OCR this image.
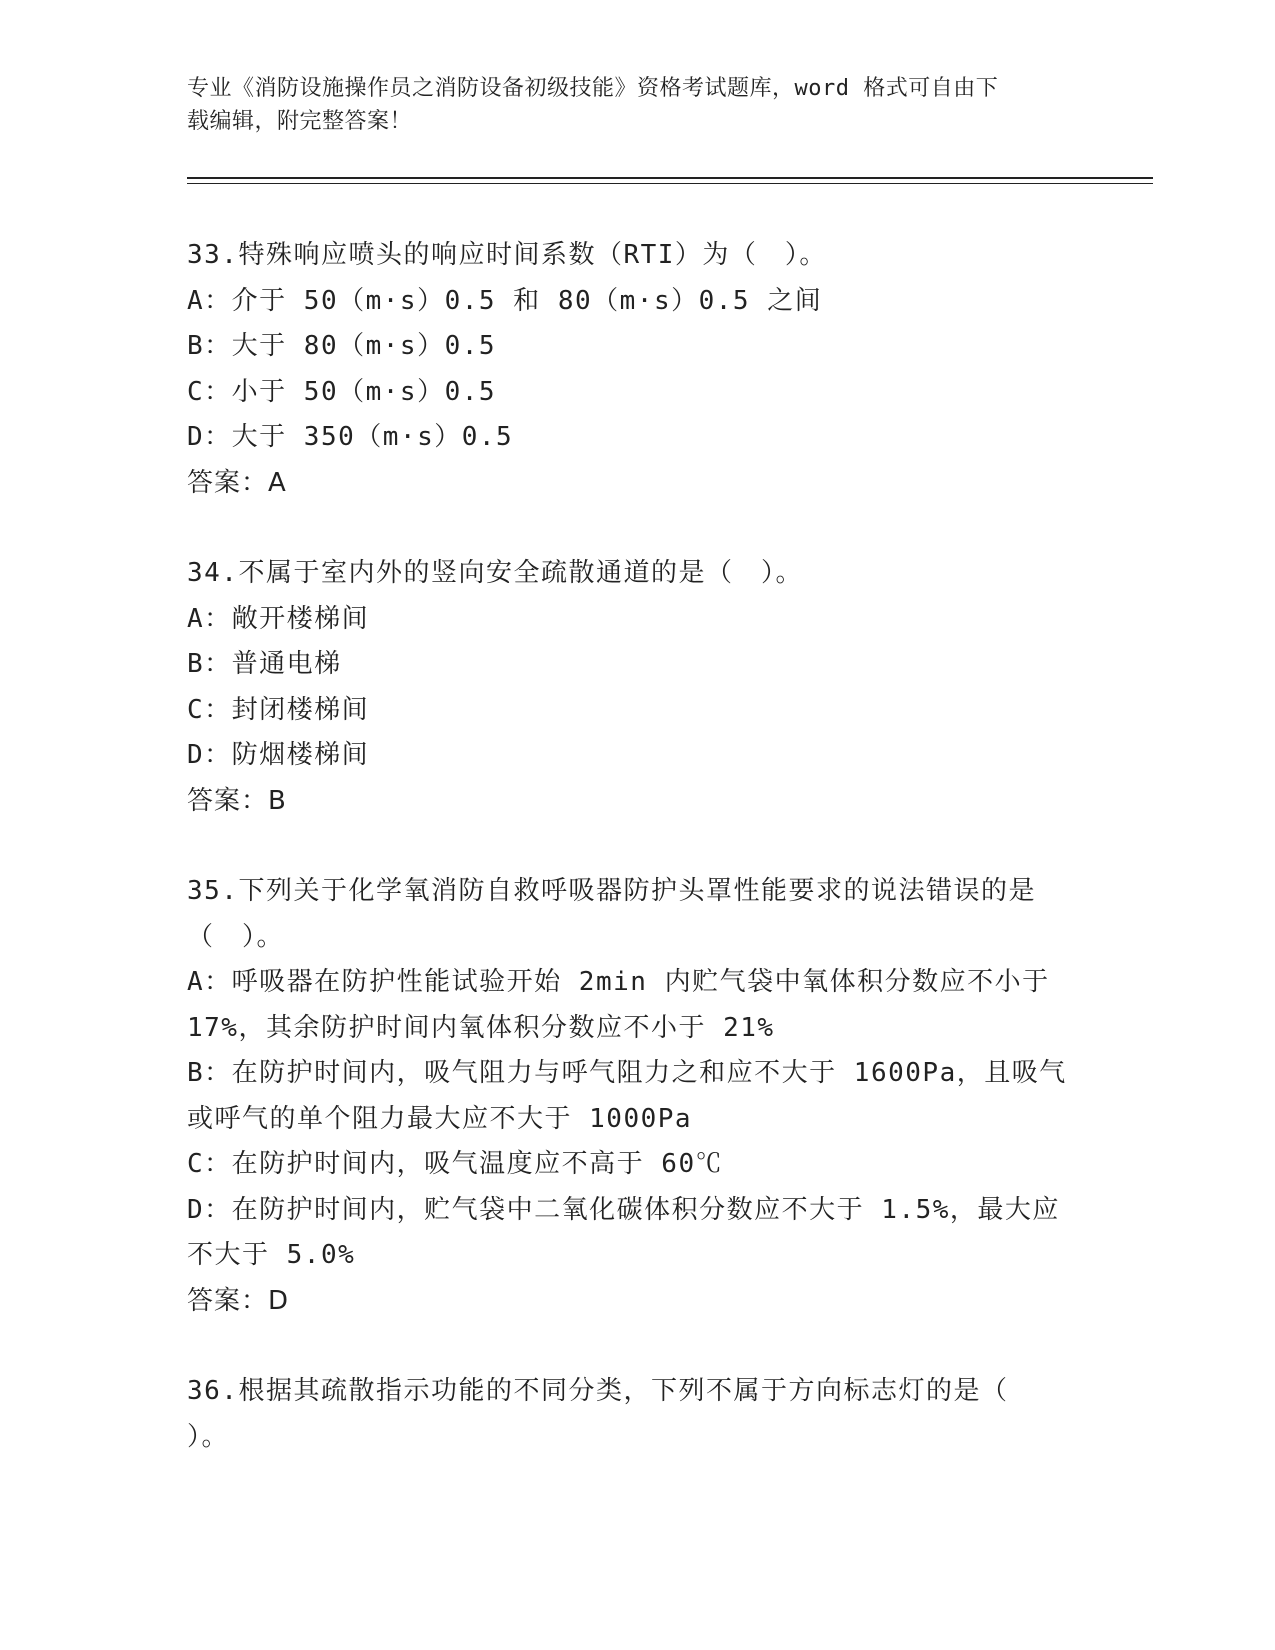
专业《消防设施操作员之消防设备初级技能》资格考试题库，word 格式可自由下
载编辑，附完整答案！
33.特殊响应喷头的响应时间系数（RTI）为（　）。
A：介于 50（m·s）0.5 和 80（m·s）0.5 之间
B：大于 80（m·s）0.5
C：小于 50（m·s）0.5
D：大于 350（m·s）0.5
答案：A
34.不属于室内外的竖向安全疏散通道的是（　）。
A：敞开楼梯间
B：普通电梯
C：封闭楼梯间
D：防烟楼梯间
答案：B
35.下列关于化学氧消防自救呼吸器防护头罩性能要求的说法错误的是
（　）。
A：呼吸器在防护性能试验开始 2min 内贮气袋中氧体积分数应不小于
17%，其余防护时间内氧体积分数应不小于 21%
B：在防护时间内，吸气阻力与呼气阻力之和应不大于 1600Pa，且吸气
或呼气的单个阻力最大应不大于 1000Pa
C：在防护时间内，吸气温度应不高于 60℃
D：在防护时间内，贮气袋中二氧化碳体积分数应不大于 1.5%，最大应
不大于 5.0%
答案：D
36.根据其疏散指示功能的不同分类，下列不属于方向标志灯的是（
）。
